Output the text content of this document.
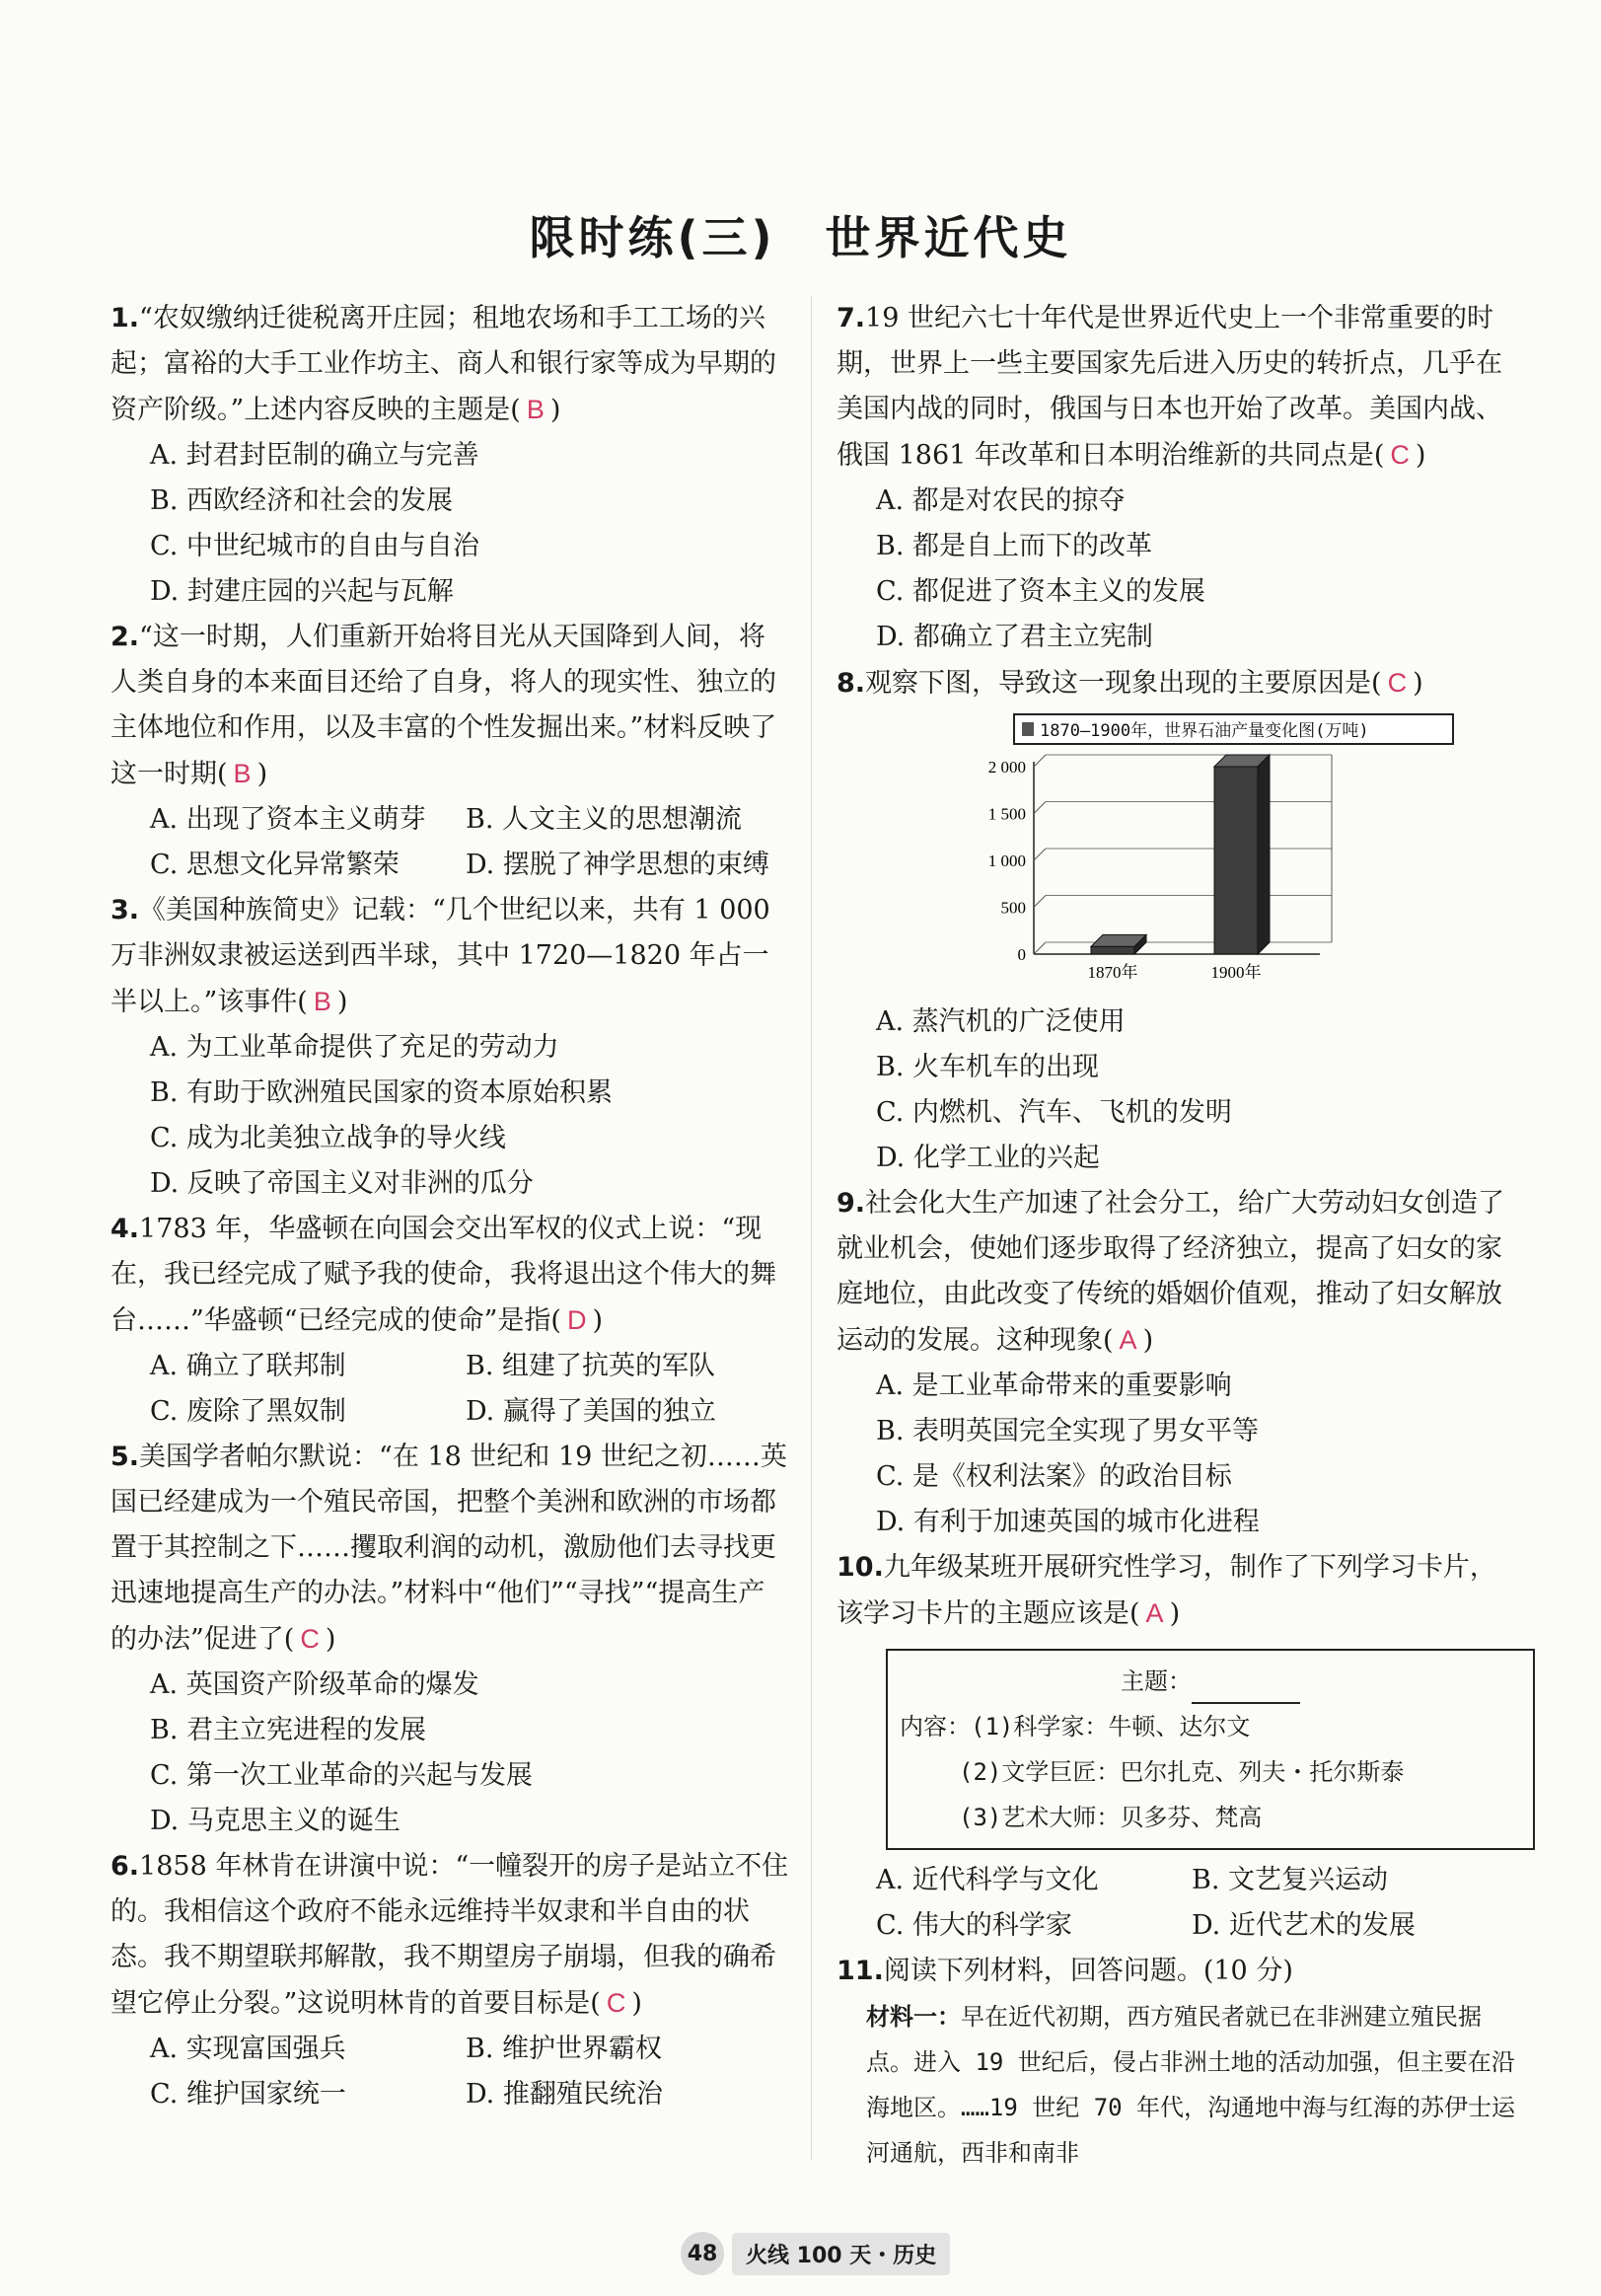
限时练(三)　世界近代史

1.“农奴缴纳迁徙税离开庄园；租地农场和手工工场的兴起；富裕的大手工业作坊主、商人和银行家等成为早期的资产阶级。”上述内容反映的主题是( B )

A. 封君封臣制的确立与完善

B. 西欧经济和社会的发展

C. 中世纪城市的自由与自治

D. 封建庄园的兴起与瓦解

2.“这一时期，人们重新开始将目光从天国降到人间，将人类自身的本来面目还给了自身，将人的现实性、独立的主体地位和作用，以及丰富的个性发掘出来。”材料反映了这一时期( B )

A. 出现了资本主义萌芽	B. 人文主义的思想潮流
C. 思想文化异常繁荣	D. 摆脱了神学思想的束缚

3.《美国种族简史》记载：“几个世纪以来，共有 1 000 万非洲奴隶被运送到西半球，其中 1720—1820 年占一半以上。”该事件( B )

A. 为工业革命提供了充足的劳动力

B. 有助于欧洲殖民国家的资本原始积累

C. 成为北美独立战争的导火线

D. 反映了帝国主义对非洲的瓜分

4.1783 年，华盛顿在向国会交出军权的仪式上说：“现在，我已经完成了赋予我的使命，我将退出这个伟大的舞台……”华盛顿“已经完成的使命”是指( D )

A. 确立了联邦制	B. 组建了抗英的军队
C. 废除了黑奴制	D. 赢得了美国的独立

5.美国学者帕尔默说：“在 18 世纪和 19 世纪之初……英国已经建成为一个殖民帝国，把整个美洲和欧洲的市场都置于其控制之下……攫取利润的动机，激励他们去寻找更迅速地提高生产的办法。”材料中“他们”“寻找”“提高生产的办法”促进了( C )

A. 英国资产阶级革命的爆发

B. 君主立宪进程的发展

C. 第一次工业革命的兴起与发展

D. 马克思主义的诞生

6.1858 年林肯在讲演中说：“一幢裂开的房子是站立不住的。我相信这个政府不能永远维持半奴隶和半自由的状态。我不期望联邦解散，我不期望房子崩塌，但我的确希望它停止分裂。”这说明林肯的首要目标是( C )

A. 实现富国强兵	B. 维护世界霸权
C. 维护国家统一	D. 推翻殖民统治

7.19 世纪六七十年代是世界近代史上一个非常重要的时期，世界上一些主要国家先后进入历史的转折点，几乎在美国内战的同时，俄国与日本也开始了改革。美国内战、俄国 1861 年改革和日本明治维新的共同点是( C )

A. 都是对农民的掠夺

B. 都是自上而下的改革

C. 都促进了资本主义的发展

D. 都确立了君主立宪制

8.观察下图，导致这一现象出现的主要原因是( C )

1870—1900年，世界石油产量变化图(万吨)
0
500
1 000
1 500
2 000
1870年	1900年

A. 蒸汽机的广泛使用

B. 火车机车的出现

C. 内燃机、汽车、飞机的发明

D. 化学工业的兴起

9.社会化大生产加速了社会分工，给广大劳动妇女创造了就业机会，使她们逐步取得了经济独立，提高了妇女的家庭地位，由此改变了传统的婚姻价值观，推动了妇女解放运动的发展。这种现象( A )

A. 是工业革命带来的重要影响

B. 表明英国完全实现了男女平等

C. 是《权利法案》的政治目标

D. 有利于加速英国的城市化进程

10.九年级某班开展研究性学习，制作了下列学习卡片，该学习卡片的主题应该是( A )

主题：
内容：(1)科学家：牛顿、达尔文
(2)文学巨匠：巴尔扎克、列夫・托尔斯泰
(3)艺术大师：贝多芬、梵高
A. 近代科学与文化	B. 文艺复兴运动
C. 伟大的科学家	D. 近代艺术的发展

11.阅读下列材料，回答问题。(10 分)

材料一：早在近代初期，西方殖民者就已在非洲建立殖民据点。进入 19 世纪后，侵占非洲土地的活动加强，但主要在沿海地区。……19 世纪 70 年代，沟通地中海与红海的苏伊士运河通航，西非和南非
48	火线 100 天・历史
